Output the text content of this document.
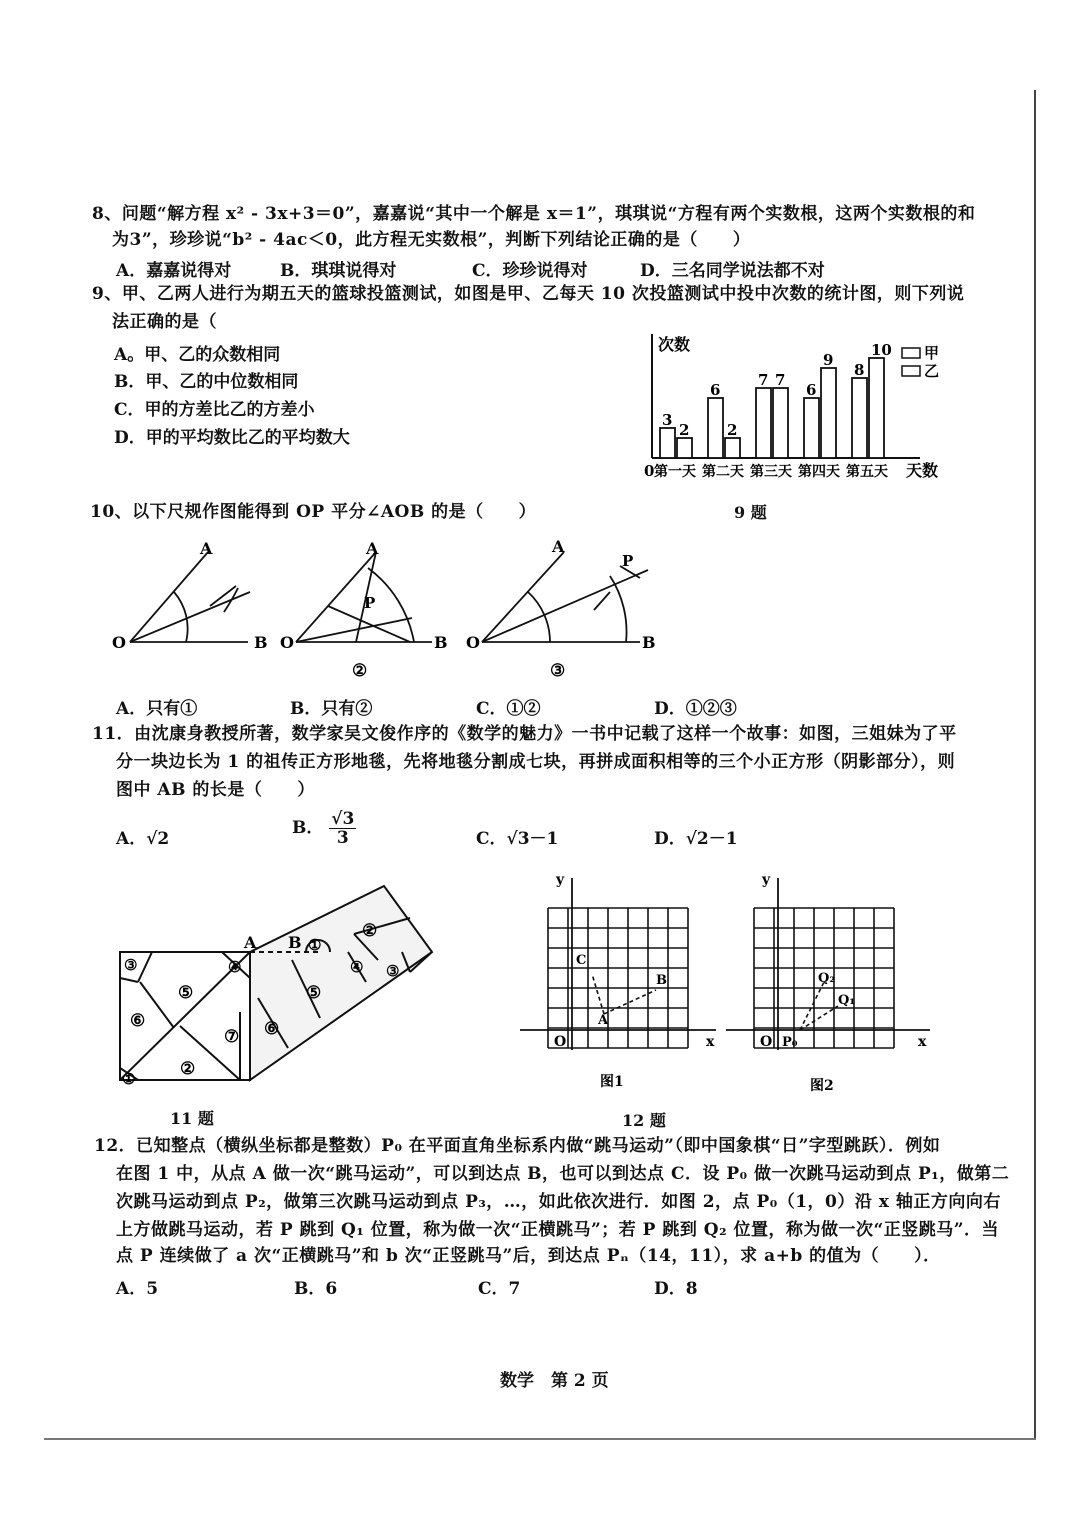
8、问题“解方程 x² - 3x+3＝0”，嘉嘉说“其中一个解是 x＝1”，琪琪说“方程有两个实数根，这两个实数根的和
为3”，珍珍说“b² - 4ac＜0，此方程无实数根”，判断下列结论正确的是（　　）
A．嘉嘉说得对	B．琪琪说得对	C．珍珍说得对	D．三名同学说法都不对
9、甲、乙两人进行为期五天的篮球投篮测试，如图是甲、乙每天 10 次投篮测试中投中次数的统计图，则下列说
法正确的是（
A。甲、乙的众数相同
B．甲、乙的中位数相同
C．甲的方差比乙的方差小
D．甲的平均数比乙的平均数大
次数
0	天数
甲
乙
3
2
第一天
6
2
第二天
7 7
第三天
6
9
第四天
8
10
第五天
9 题
10、以下尺规作图能得到 OP 平分∠AOB 的是（　　）
O
A
B O
A
P
B
②
O
A
P
B
③
A．只有①	B．只有②	C．①②	D．①②③
11．由沈康身教授所著，数学家吴文俊作序的《数学的魅力》一书中记载了这样一个故事：如图，三姐妹为了平
分一块边长为 1 的祖传正方形地毯，先将地毯分割成七块，再拼成面积相等的三个小正方形（阴影部分），则
图中 AB 的长是（　　）
A．√2
B． $\frac{√3}{3}$	C．√3－1	D．√2－1
A B ①
①	②
②
③	③
④	④
⑤	⑤
⑥	⑥
⑦
11 题
y
x
O
A
B
C
y
x
O P₀
Q₂
Q₁
图1	图2
12 题
12．已知整点（横纵坐标都是整数）P₀ 在平面直角坐标系内做“跳马运动”（即中国象棋“日”字型跳跃）．例如
在图 1 中，从点 A 做一次“跳马运动”，可以到达点 B，也可以到达点 C．设 P₀ 做一次跳马运动到点 P₁，做第二
次跳马运动到点 P₂，做第三次跳马运动到点 P₃，…，如此依次进行．如图 2，点 P₀（1，0）沿 x 轴正方向向右
上方做跳马运动，若 P 跳到 Q₁ 位置，称为做一次“正横跳马”；若 P 跳到 Q₂ 位置，称为做一次“正竖跳马”．当
点 P 连续做了 a 次“正横跳马”和 b 次“正竖跳马”后，到达点 Pₙ（14，11），求 a+b 的值为（　　）．
A．5	B．6	C．7	D．8
数学　第 2 页
